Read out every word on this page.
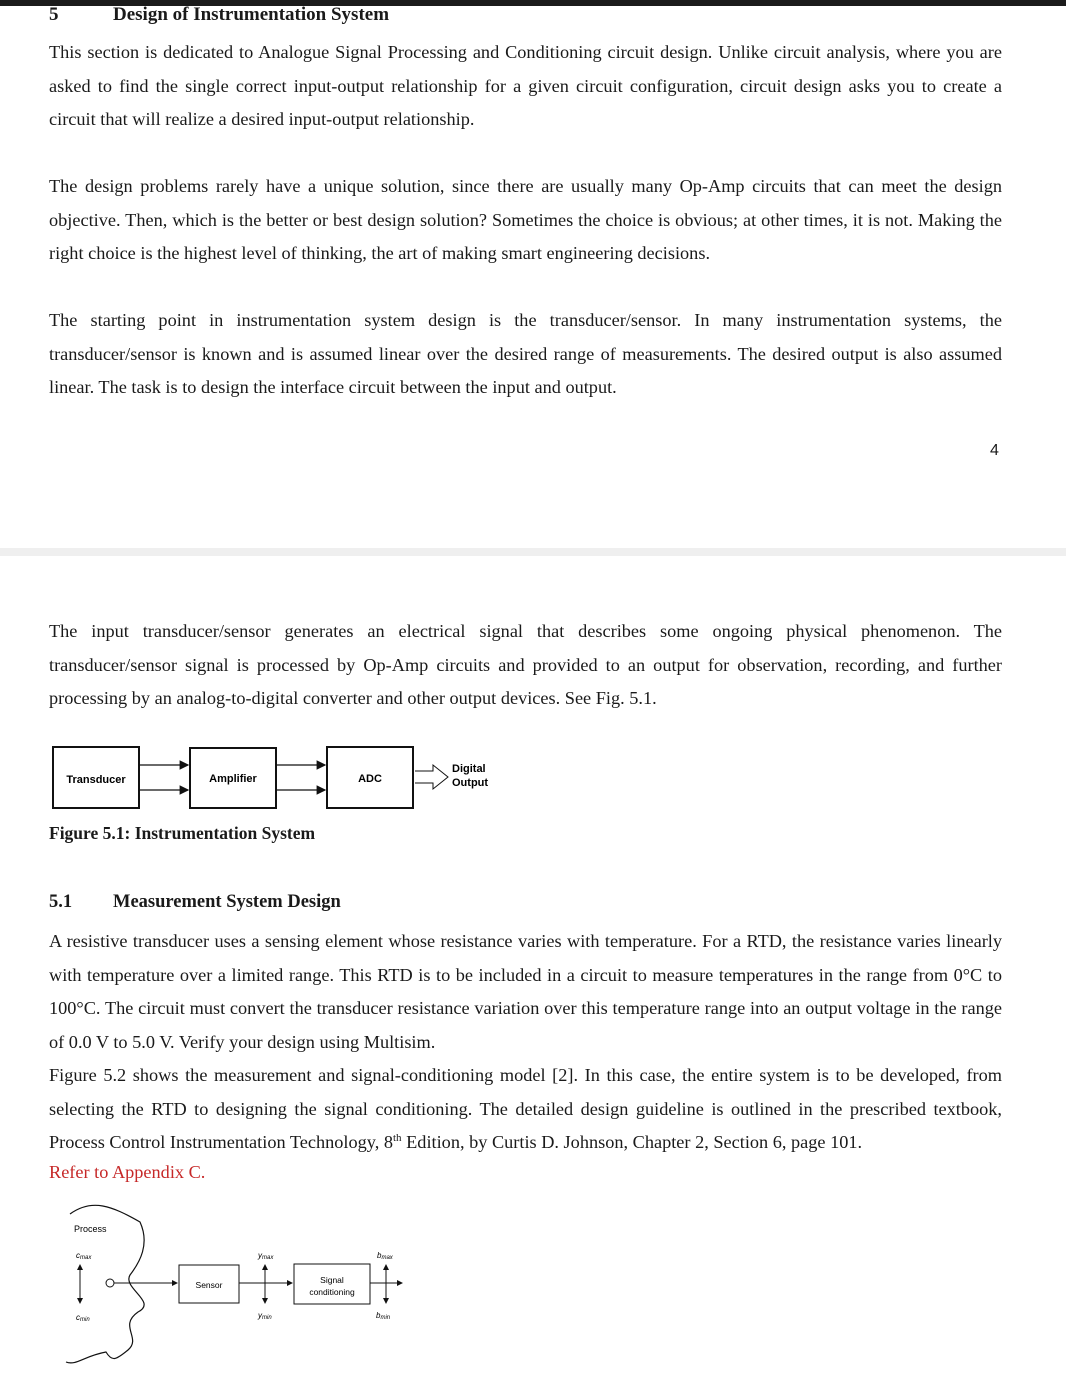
5	Design of Instrumentation System
This section is dedicated to Analogue Signal Processing and Conditioning circuit design. Unlike circuit analysis, where you are asked to find the single correct input-output relationship for a given circuit configuration, circuit design asks you to create a circuit that will realize a desired input-output relationship.
The design problems rarely have a unique solution, since there are usually many Op-Amp circuits that can meet the design objective. Then, which is the better or best design solution? Sometimes the choice is obvious; at other times, it is not. Making the right choice is the highest level of thinking, the art of making smart engineering decisions.
The starting point in instrumentation system design is the transducer/sensor. In many instrumentation systems, the transducer/sensor is known and is assumed linear over the desired range of measurements. The desired output is also assumed linear. The task is to design the interface circuit between the input and output.
4
The input transducer/sensor generates an electrical signal that describes some ongoing physical phenomenon. The transducer/sensor signal is processed by Op-Amp circuits and provided to an output for observation, recording, and further processing by an analog-to-digital converter and other output devices. See Fig. 5.1.
Transducer	Amplifier	ADC
Digital
Output
Process
cmax
cmin
Sensor
ymax
ymin
Signal
conditioning
bmax
bmin
Figure 5.1: Instrumentation System
5.1 Measurement System Design
A resistive transducer uses a sensing element whose resistance varies with temperature. For a RTD, the resistance varies linearly with temperature over a limited range. This RTD is to be included in a circuit to measure temperatures in the range from 0°C to 100°C. The circuit must convert the transducer resistance variation over this temperature range into an output voltage in the range of 0.0 V to 5.0 V. Verify your design using Multisim.
Figure 5.2 shows the measurement and signal-conditioning model [2]. In this case, the entire system is to be developed, from selecting the RTD to designing the signal conditioning. The detailed design guideline is outlined in the prescribed textbook, Process Control Instrumentation Technology, 8th Edition, by Curtis D. Johnson, Chapter 2, Section 6, page 101.
Refer to Appendix C.
